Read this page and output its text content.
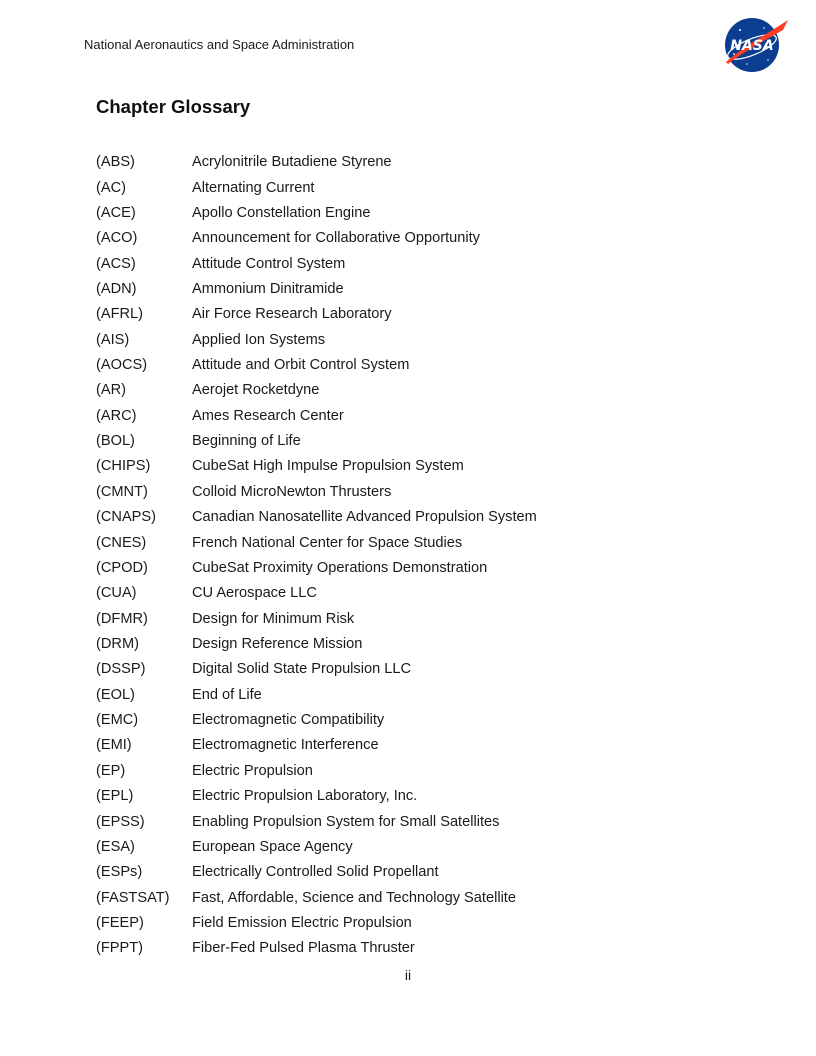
National Aeronautics and Space Administration	NASA
Chapter Glossary
(ABS)	Acrylonitrile Butadiene Styrene
(AC)	Alternating Current
(ACE)	Apollo Constellation Engine
(ACO)	Announcement for Collaborative Opportunity
(ACS)	Attitude Control System
(ADN)	Ammonium Dinitramide
(AFRL)	Air Force Research Laboratory
(AIS)	Applied Ion Systems
(AOCS)	Attitude and Orbit Control System
(AR)	Aerojet Rocketdyne
(ARC)	Ames Research Center
(BOL)	Beginning of Life
(CHIPS)	CubeSat High Impulse Propulsion System
(CMNT)	Colloid MicroNewton Thrusters
(CNAPS)	Canadian Nanosatellite Advanced Propulsion System
(CNES)	French National Center for Space Studies
(CPOD)	CubeSat Proximity Operations Demonstration
(CUA)	CU Aerospace LLC
(DFMR)	Design for Minimum Risk
(DRM)	Design Reference Mission
(DSSP)	Digital Solid State Propulsion LLC
(EOL)	End of Life
(EMC)	Electromagnetic Compatibility
(EMI)	Electromagnetic Interference
(EP)	Electric Propulsion
(EPL)	Electric Propulsion Laboratory, Inc.
(EPSS)	Enabling Propulsion System for Small Satellites
(ESA)	European Space Agency
(ESPs)	Electrically Controlled Solid Propellant
(FASTSAT)	Fast, Affordable, Science and Technology Satellite
(FEEP)	Field Emission Electric Propulsion
(FPPT)	Fiber-Fed Pulsed Plasma Thruster
ii
